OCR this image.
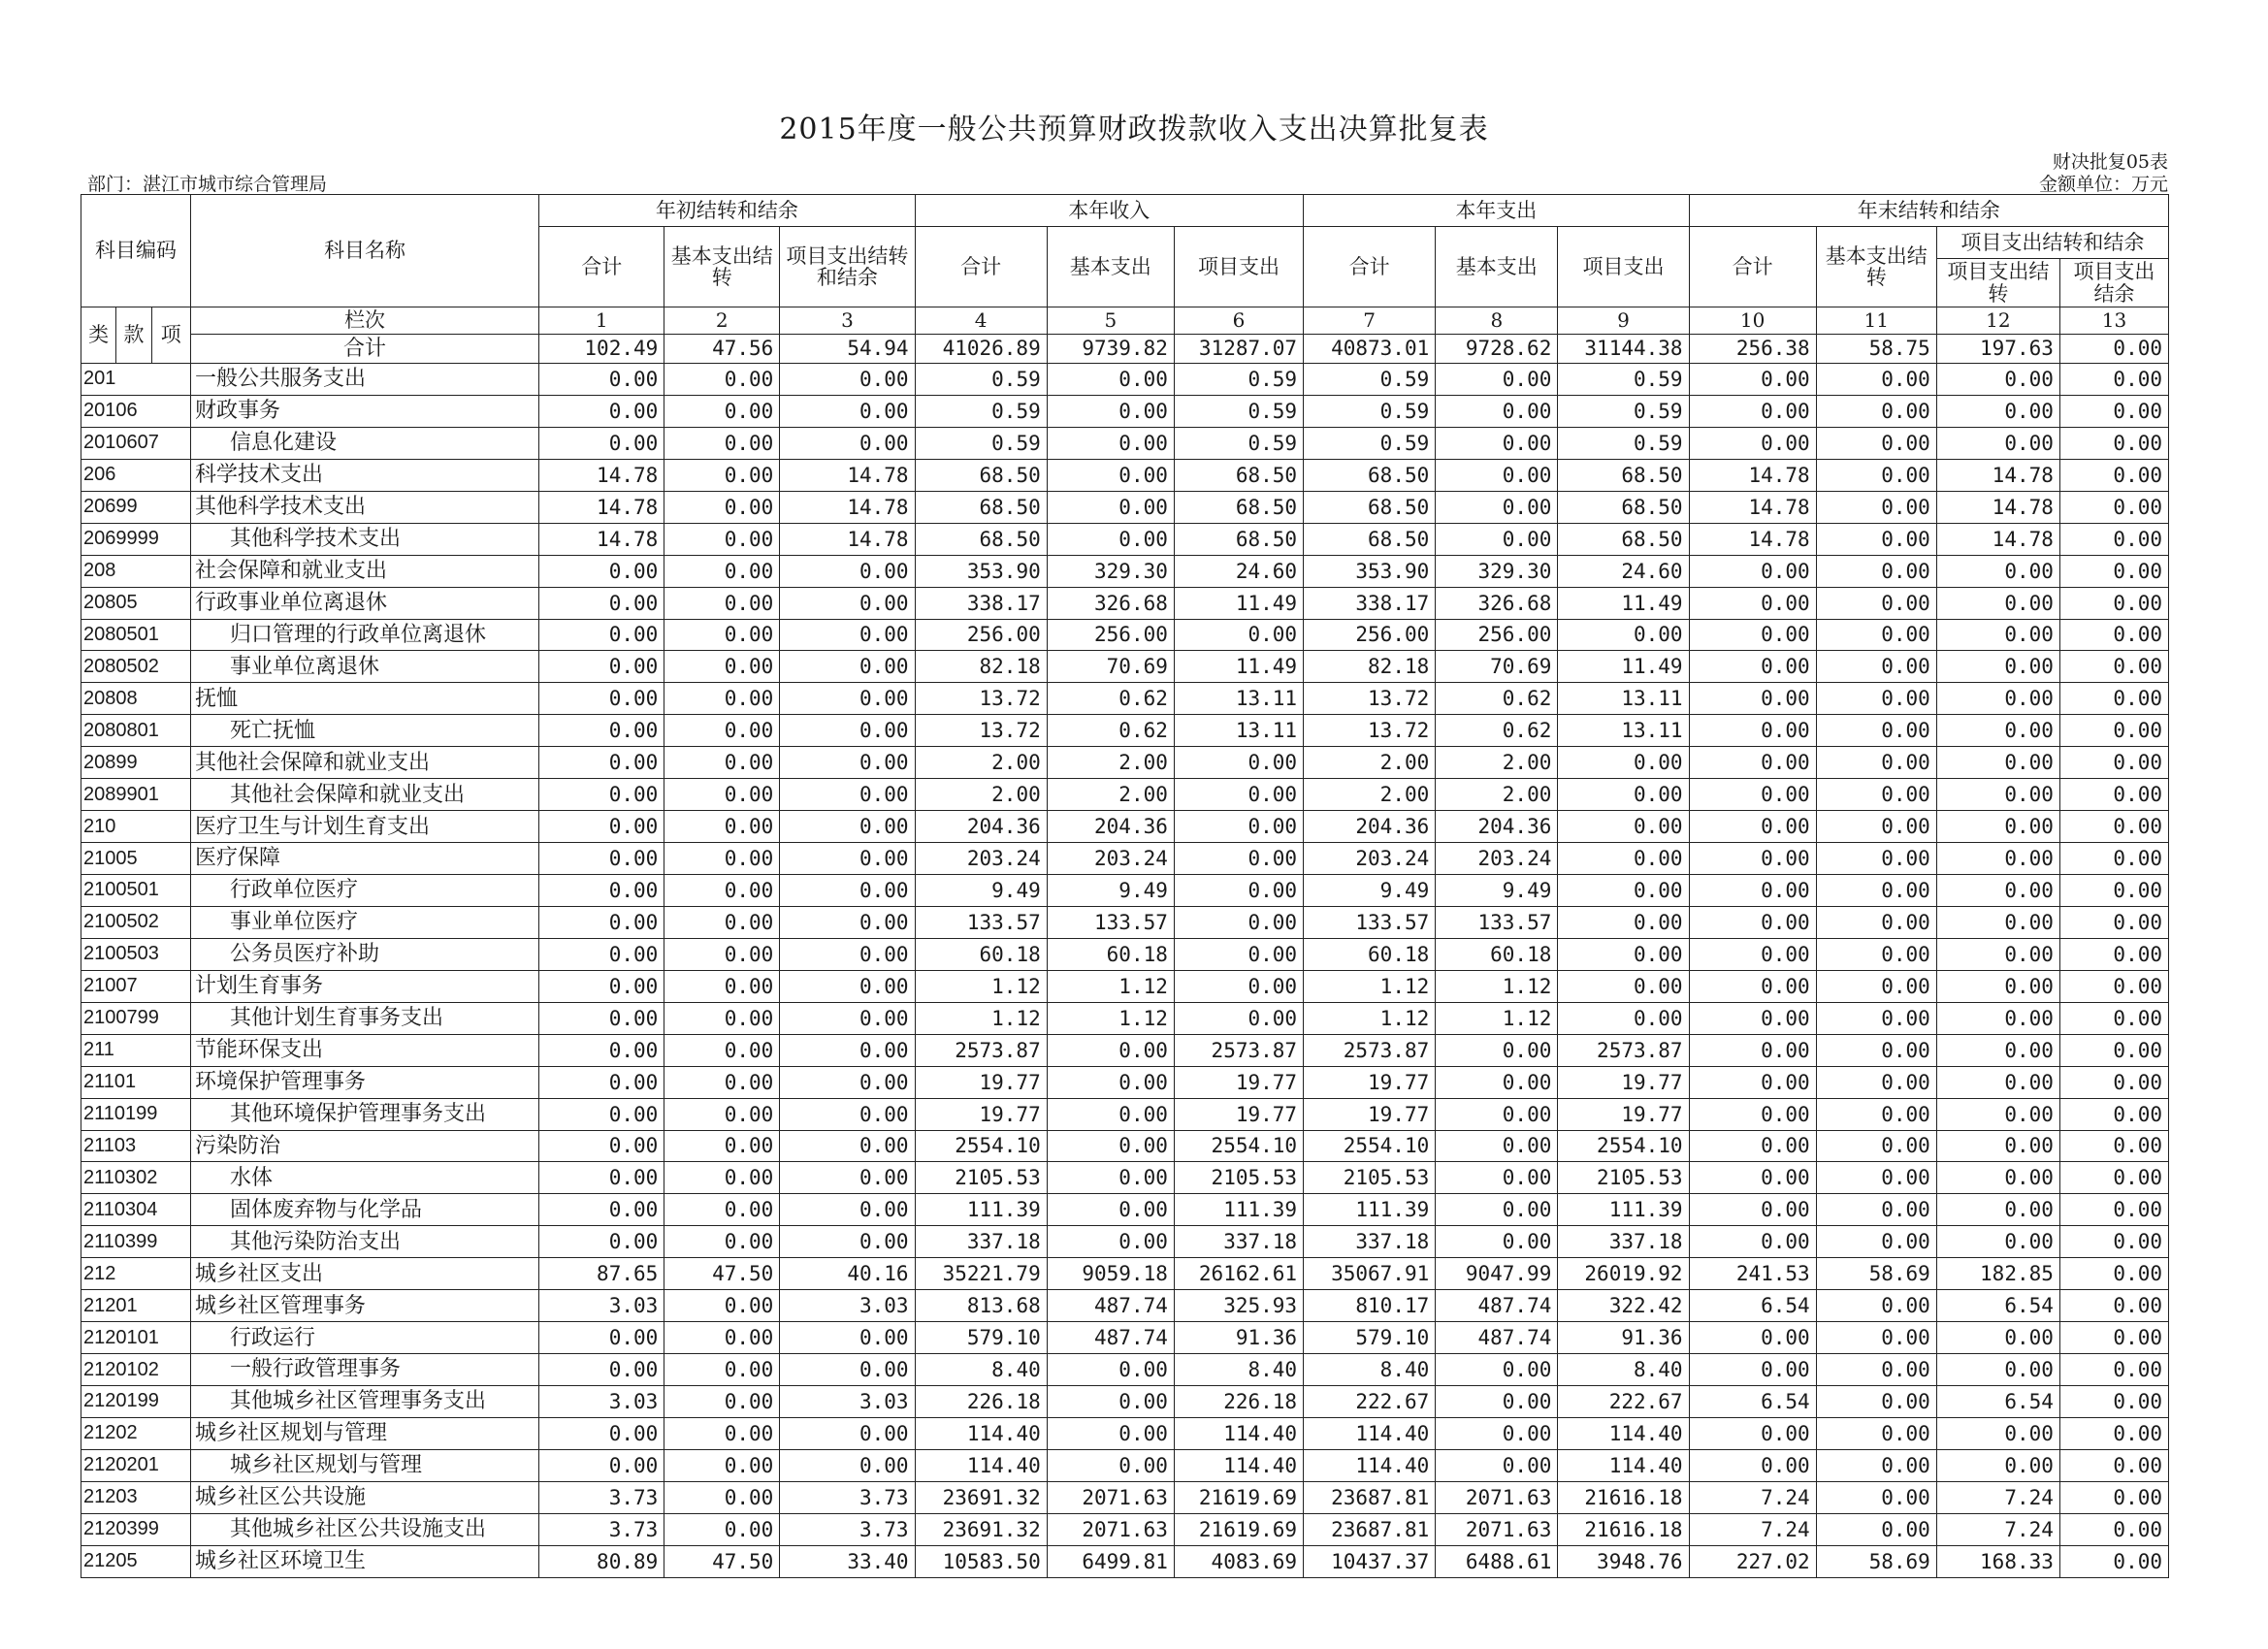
2015年度一般公共预算财政拨款收入支出决算批复表
财决批复05表
部门：湛江市城市综合管理局	金额单位：万元
科目编码			科目名称	年初结转和结余			本年收入			本年支出			年末结转和结余			
				合计	基本支出结转	项目支出结转和结余	合计	基本支出	项目支出	合计	基本支出	项目支出	合计	基本支出结转	项目支出结转和结余	
															项目支出结转	项目支出结余
类	款	项	栏次	1	2	3	4	5	6	7	8	9	10	11	12	13
			合计	102.49	47.56	54.94	41026.89	9739.82	31287.07	40873.01	9728.62	31144.38	256.38	58.75	197.63	0.00
201			一般公共服务支出	0.00	0.00	0.00	0.59	0.00	0.59	0.59	0.00	0.59	0.00	0.00	0.00	0.00
20106			财政事务	0.00	0.00	0.00	0.59	0.00	0.59	0.59	0.00	0.59	0.00	0.00	0.00	0.00
2010607			信息化建设	0.00	0.00	0.00	0.59	0.00	0.59	0.59	0.00	0.59	0.00	0.00	0.00	0.00
206			科学技术支出	14.78	0.00	14.78	68.50	0.00	68.50	68.50	0.00	68.50	14.78	0.00	14.78	0.00
20699			其他科学技术支出	14.78	0.00	14.78	68.50	0.00	68.50	68.50	0.00	68.50	14.78	0.00	14.78	0.00
2069999			其他科学技术支出	14.78	0.00	14.78	68.50	0.00	68.50	68.50	0.00	68.50	14.78	0.00	14.78	0.00
208			社会保障和就业支出	0.00	0.00	0.00	353.90	329.30	24.60	353.90	329.30	24.60	0.00	0.00	0.00	0.00
20805			行政事业单位离退休	0.00	0.00	0.00	338.17	326.68	11.49	338.17	326.68	11.49	0.00	0.00	0.00	0.00
2080501			归口管理的行政单位离退休	0.00	0.00	0.00	256.00	256.00	0.00	256.00	256.00	0.00	0.00	0.00	0.00	0.00
2080502			事业单位离退休	0.00	0.00	0.00	82.18	70.69	11.49	82.18	70.69	11.49	0.00	0.00	0.00	0.00
20808			抚恤	0.00	0.00	0.00	13.72	0.62	13.11	13.72	0.62	13.11	0.00	0.00	0.00	0.00
2080801			死亡抚恤	0.00	0.00	0.00	13.72	0.62	13.11	13.72	0.62	13.11	0.00	0.00	0.00	0.00
20899			其他社会保障和就业支出	0.00	0.00	0.00	2.00	2.00	0.00	2.00	2.00	0.00	0.00	0.00	0.00	0.00
2089901			其他社会保障和就业支出	0.00	0.00	0.00	2.00	2.00	0.00	2.00	2.00	0.00	0.00	0.00	0.00	0.00
210			医疗卫生与计划生育支出	0.00	0.00	0.00	204.36	204.36	0.00	204.36	204.36	0.00	0.00	0.00	0.00	0.00
21005			医疗保障	0.00	0.00	0.00	203.24	203.24	0.00	203.24	203.24	0.00	0.00	0.00	0.00	0.00
2100501			行政单位医疗	0.00	0.00	0.00	9.49	9.49	0.00	9.49	9.49	0.00	0.00	0.00	0.00	0.00
2100502			事业单位医疗	0.00	0.00	0.00	133.57	133.57	0.00	133.57	133.57	0.00	0.00	0.00	0.00	0.00
2100503			公务员医疗补助	0.00	0.00	0.00	60.18	60.18	0.00	60.18	60.18	0.00	0.00	0.00	0.00	0.00
21007			计划生育事务	0.00	0.00	0.00	1.12	1.12	0.00	1.12	1.12	0.00	0.00	0.00	0.00	0.00
2100799			其他计划生育事务支出	0.00	0.00	0.00	1.12	1.12	0.00	1.12	1.12	0.00	0.00	0.00	0.00	0.00
211			节能环保支出	0.00	0.00	0.00	2573.87	0.00	2573.87	2573.87	0.00	2573.87	0.00	0.00	0.00	0.00
21101			环境保护管理事务	0.00	0.00	0.00	19.77	0.00	19.77	19.77	0.00	19.77	0.00	0.00	0.00	0.00
2110199			其他环境保护管理事务支出	0.00	0.00	0.00	19.77	0.00	19.77	19.77	0.00	19.77	0.00	0.00	0.00	0.00
21103			污染防治	0.00	0.00	0.00	2554.10	0.00	2554.10	2554.10	0.00	2554.10	0.00	0.00	0.00	0.00
2110302			水体	0.00	0.00	0.00	2105.53	0.00	2105.53	2105.53	0.00	2105.53	0.00	0.00	0.00	0.00
2110304			固体废弃物与化学品	0.00	0.00	0.00	111.39	0.00	111.39	111.39	0.00	111.39	0.00	0.00	0.00	0.00
2110399			其他污染防治支出	0.00	0.00	0.00	337.18	0.00	337.18	337.18	0.00	337.18	0.00	0.00	0.00	0.00
212			城乡社区支出	87.65	47.50	40.16	35221.79	9059.18	26162.61	35067.91	9047.99	26019.92	241.53	58.69	182.85	0.00
21201			城乡社区管理事务	3.03	0.00	3.03	813.68	487.74	325.93	810.17	487.74	322.42	6.54	0.00	6.54	0.00
2120101			行政运行	0.00	0.00	0.00	579.10	487.74	91.36	579.10	487.74	91.36	0.00	0.00	0.00	0.00
2120102			一般行政管理事务	0.00	0.00	0.00	8.40	0.00	8.40	8.40	0.00	8.40	0.00	0.00	0.00	0.00
2120199			其他城乡社区管理事务支出	3.03	0.00	3.03	226.18	0.00	226.18	222.67	0.00	222.67	6.54	0.00	6.54	0.00
21202			城乡社区规划与管理	0.00	0.00	0.00	114.40	0.00	114.40	114.40	0.00	114.40	0.00	0.00	0.00	0.00
2120201			城乡社区规划与管理	0.00	0.00	0.00	114.40	0.00	114.40	114.40	0.00	114.40	0.00	0.00	0.00	0.00
21203			城乡社区公共设施	3.73	0.00	3.73	23691.32	2071.63	21619.69	23687.81	2071.63	21616.18	7.24	0.00	7.24	0.00
2120399			其他城乡社区公共设施支出	3.73	0.00	3.73	23691.32	2071.63	21619.69	23687.81	2071.63	21616.18	7.24	0.00	7.24	0.00
21205			城乡社区环境卫生	80.89	47.50	33.40	10583.50	6499.81	4083.69	10437.37	6488.61	3948.76	227.02	58.69	168.33	0.00
